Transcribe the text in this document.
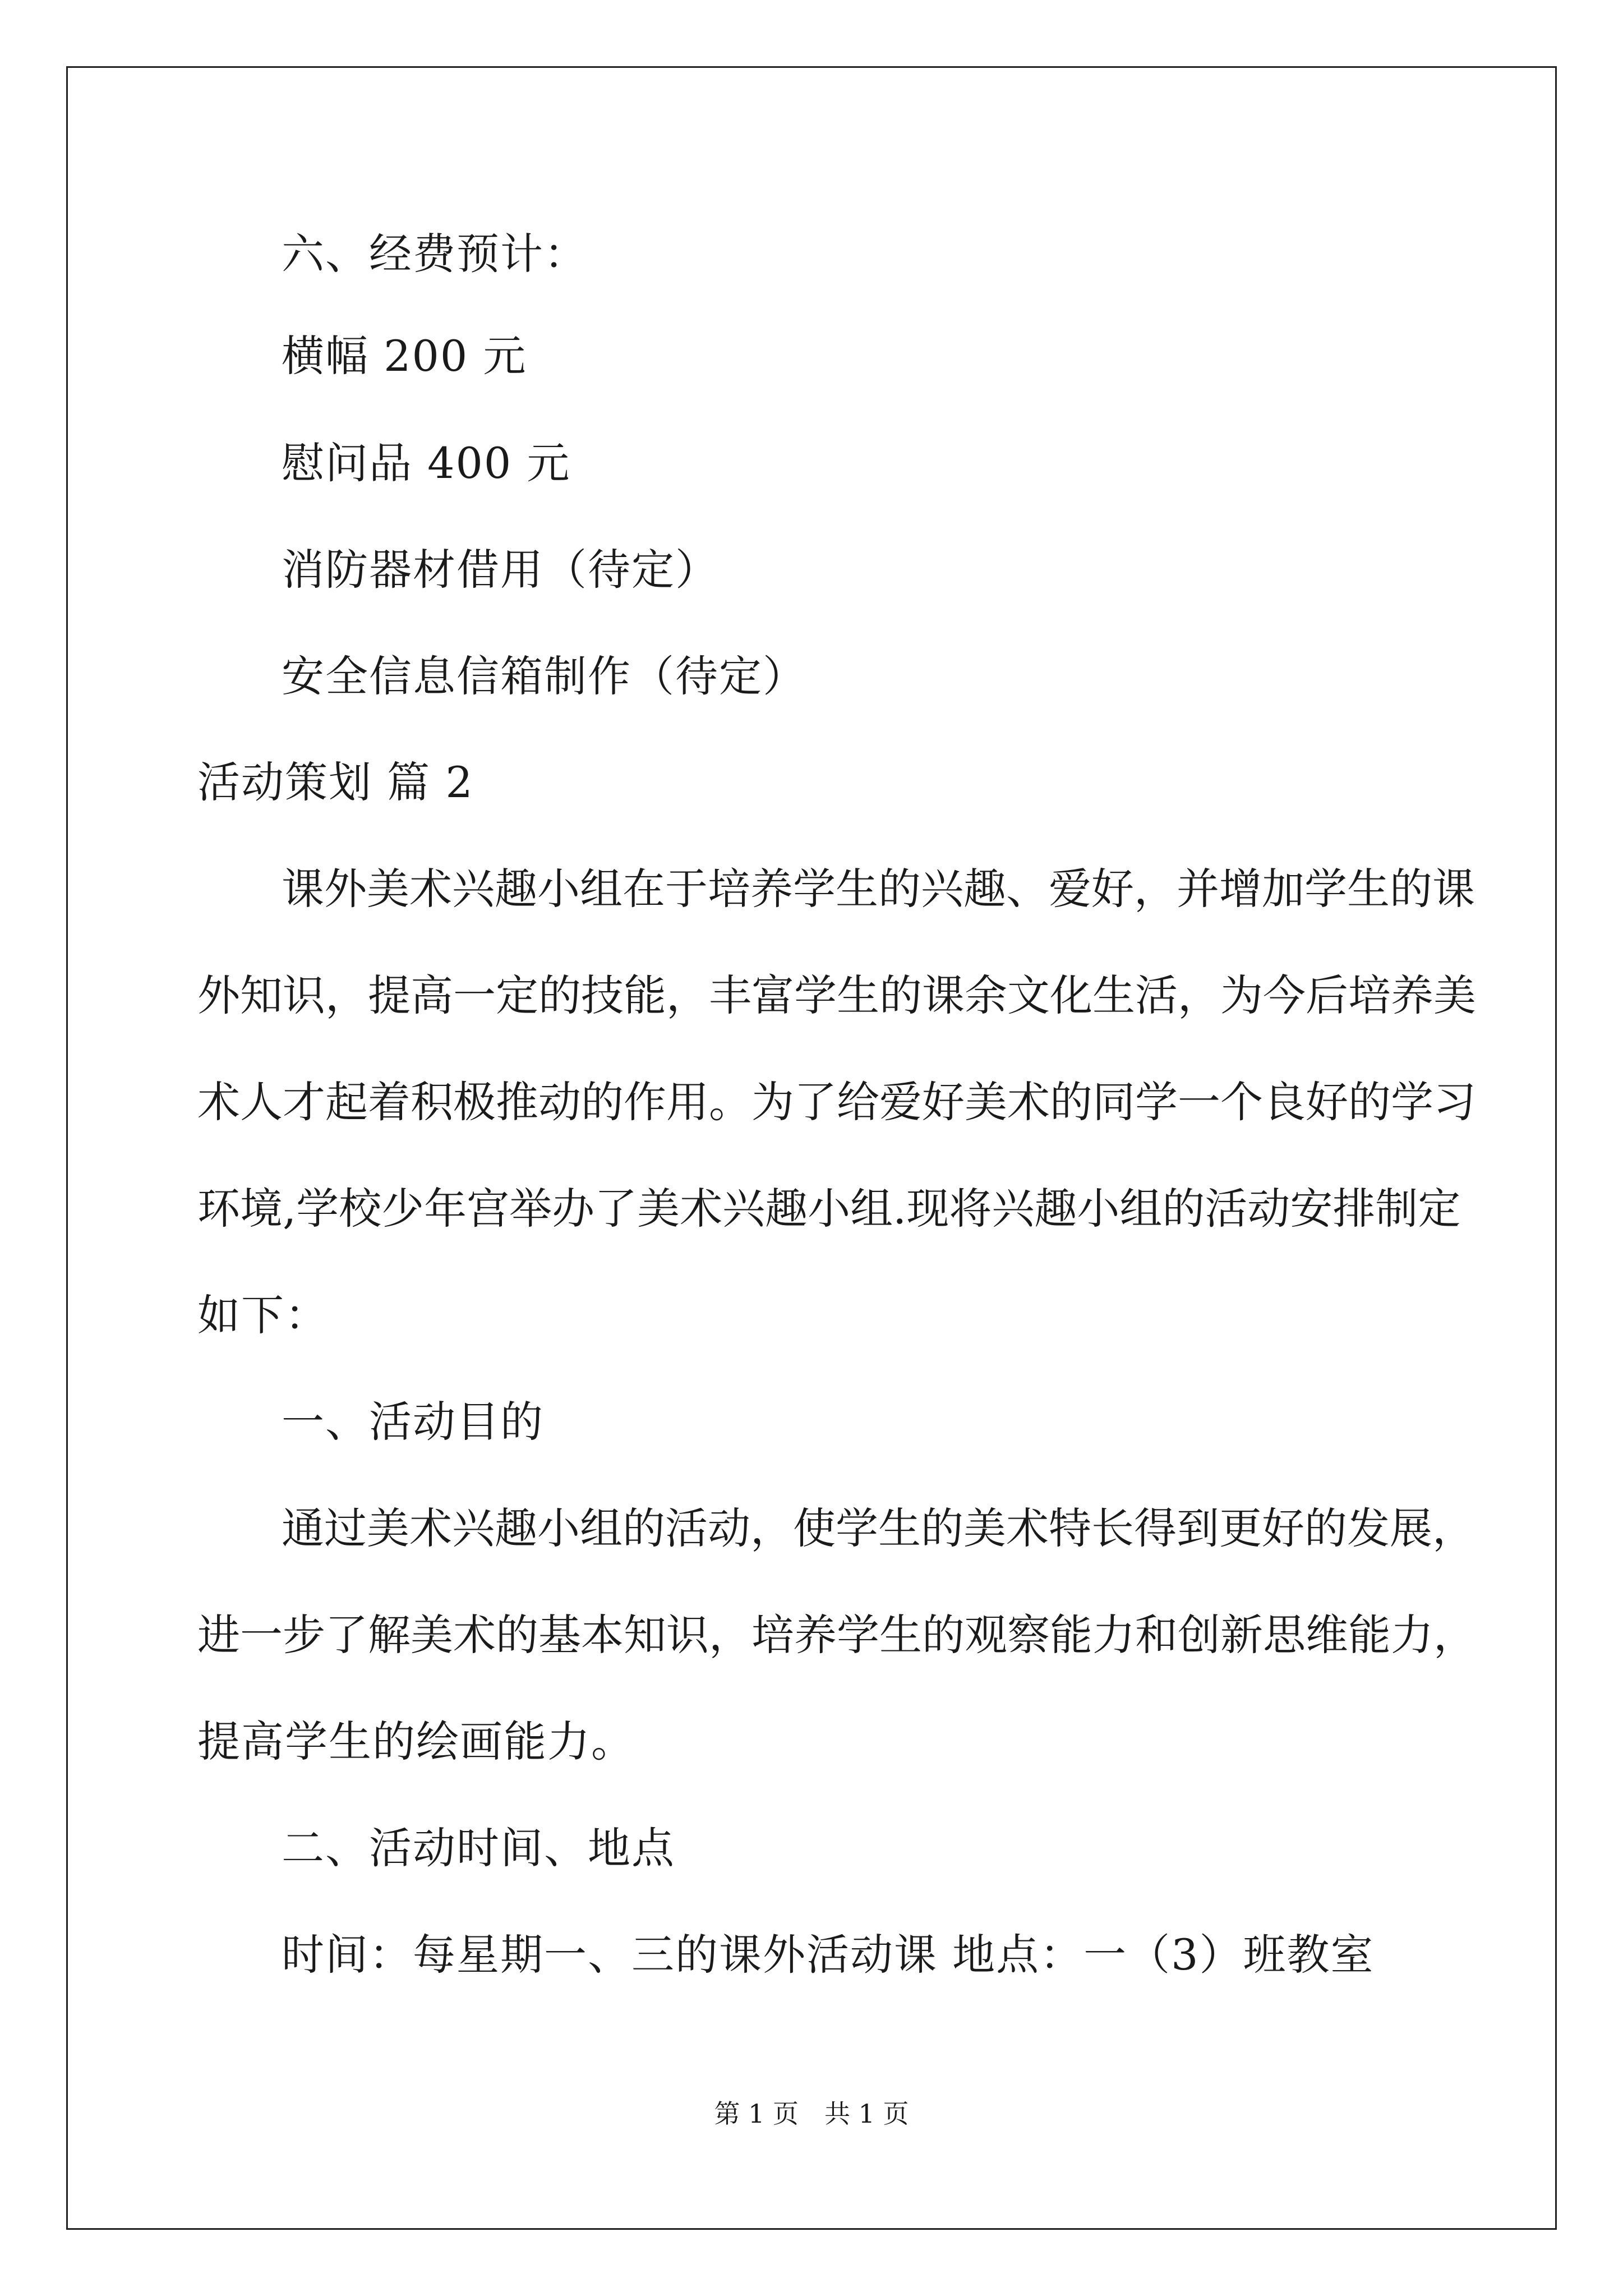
六、经费预计：
横幅 200 元
慰问品 400 元
消防器材借用（待定）
安全信息信箱制作（待定）
活动策划 篇 2
课外美术兴趣小组在于培养学生的兴趣、爱好，并增加学生的课
外知识，提高一定的技能，丰富学生的课余文化生活，为今后培养美
术人才起着积极推动的作用。为了给爱好美术的同学一个良好的学习
环境,学校少年宫举办了美术兴趣小组.现将兴趣小组的活动安排制定
如下：
一、活动目的
通过美术兴趣小组的活动，使学生的美术特长得到更好的发展，
进一步了解美术的基本知识，培养学生的观察能力和创新思维能力，
提高学生的绘画能力。
二、活动时间、地点
时间：每星期一、三的课外活动课 地点：一（3）班教室
第 1 页　共 1 页
